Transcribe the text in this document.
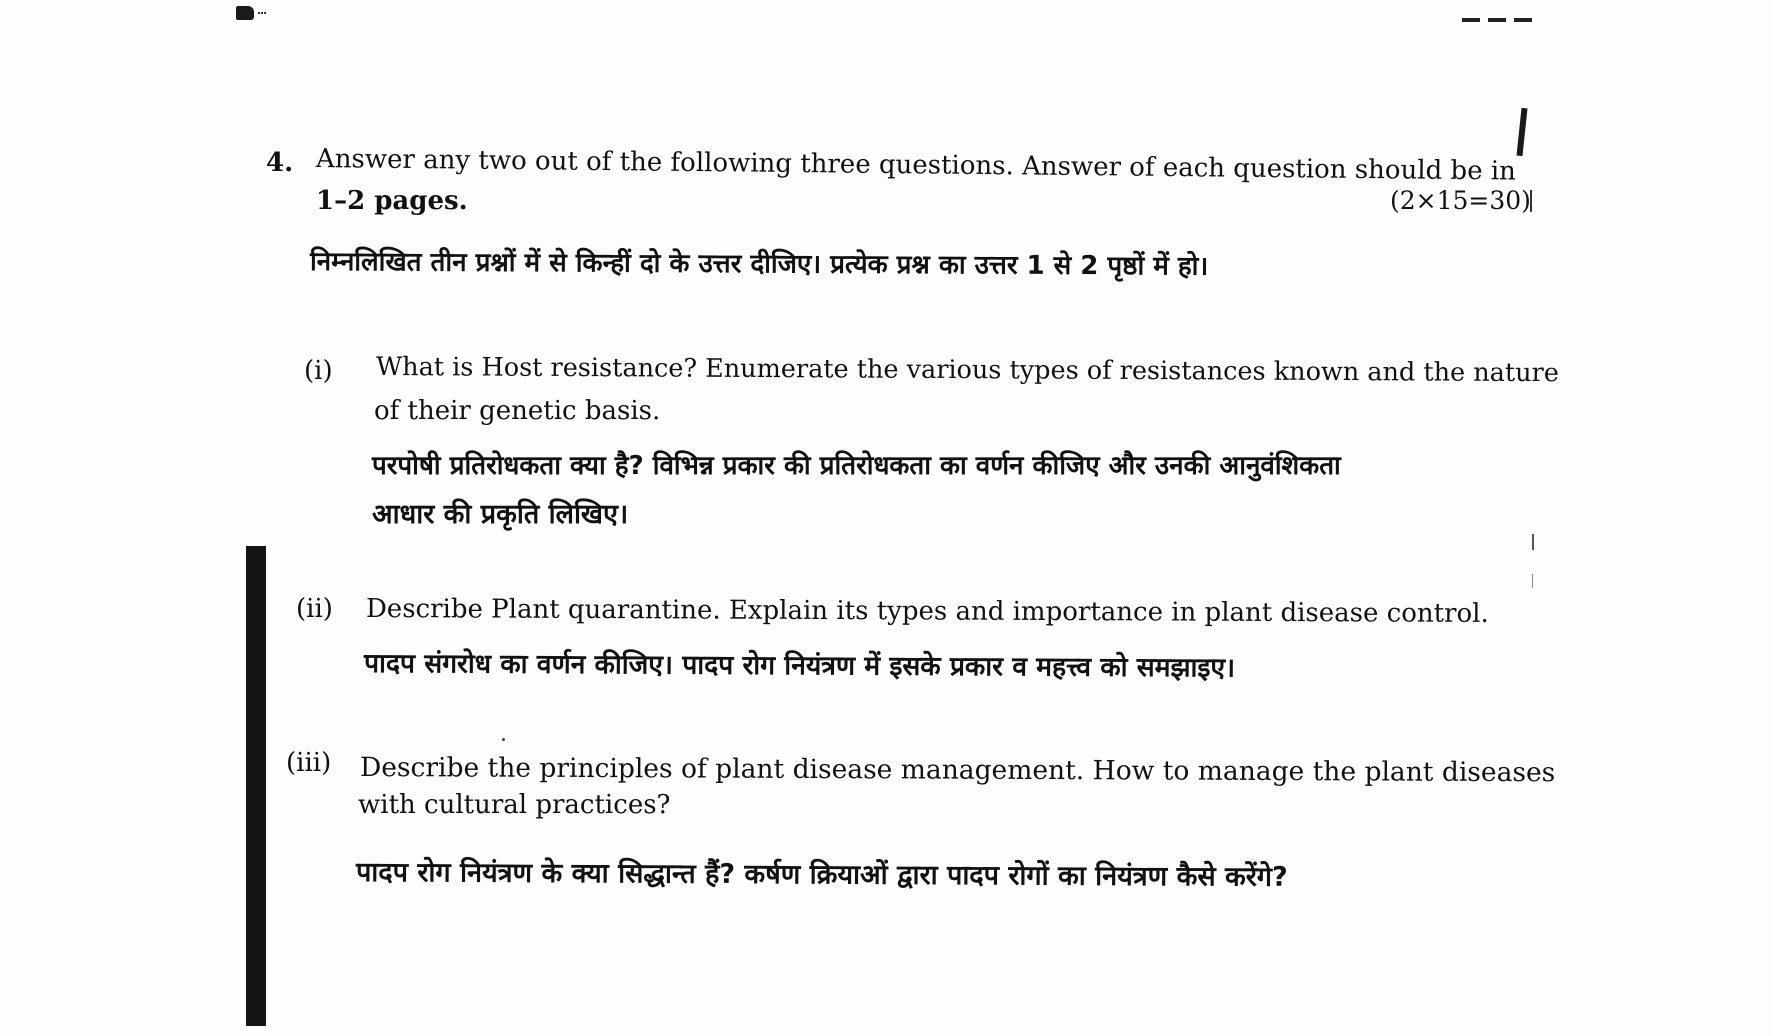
4. Answer any two out of the following three questions. Answer of each question should be in
1–2 pages.	(2×15=30)
निम्नलिखित तीन प्रश्नों में से किन्हीं दो के उत्तर दीजिए। प्रत्येक प्रश्न का उत्तर 1 से 2 पृष्ठों में हो।
(i) What is Host resistance? Enumerate the various types of resistances known and the nature
of their genetic basis.
परपोषी प्रतिरोधकता क्या है? विभिन्न प्रकार की प्रतिरोधकता का वर्णन कीजिए और उनकी आनुवंशिकता
आधार की प्रकृति लिखिए।
(ii) Describe Plant quarantine. Explain its types and importance in plant disease control.
पादप संगरोध का वर्णन कीजिए। पादप रोग नियंत्रण में इसके प्रकार व महत्त्व को समझाइए।
(iii) Describe the principles of plant disease management. How to manage the plant diseases
with cultural practices?
पादप रोग नियंत्रण के क्या सिद्धान्त हैं? कर्षण क्रियाओं द्वारा पादप रोगों का नियंत्रण कैसे करेंगे?
